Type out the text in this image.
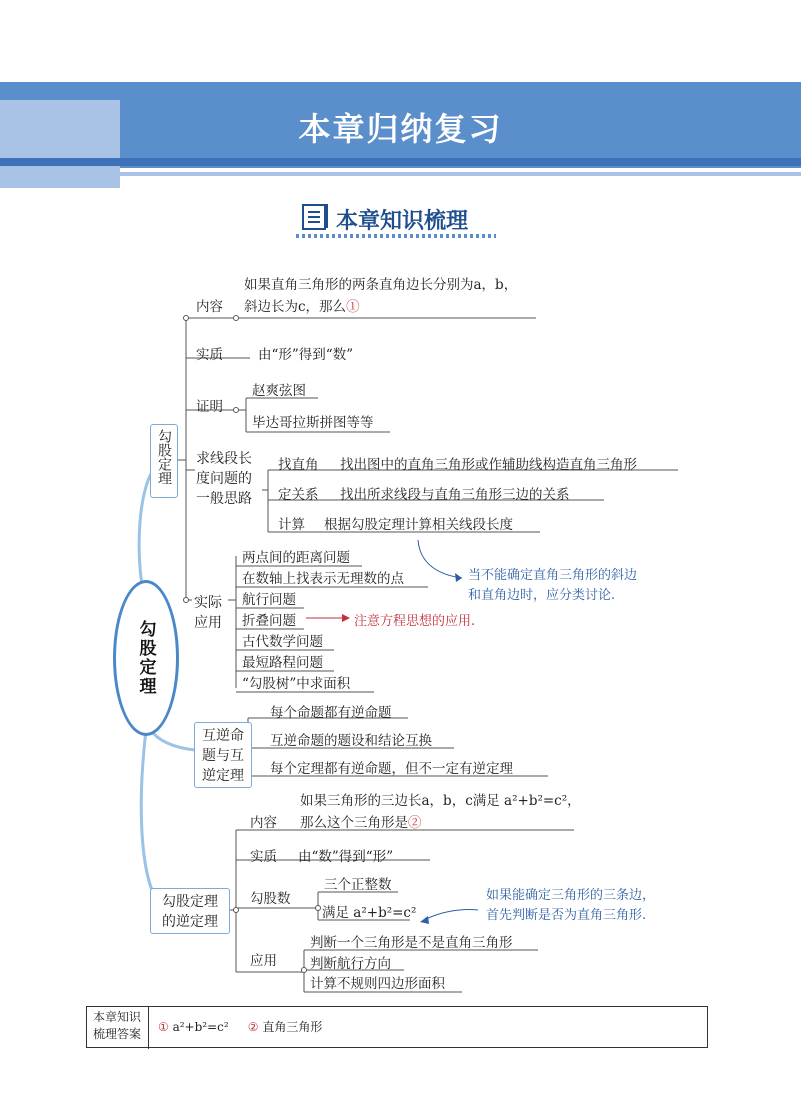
本章归纳复习
本章知识梳理
勾股定理
勾股定理
内容
如果直角三角形的两条直角边长分别为a，b，
斜边长为c，那么①
实质	由“形”得到“数”
证明
赵爽弦图
毕达哥拉斯拼图等等
求线段长
度问题的
一般思路
找直角 找出图中的直角三角形或作辅助线构造直角三角形
定关系 找出所求线段与直角三角形三边的关系
计算 根据勾股定理计算相关线段长度
实际
应用
两点间的距离问题
在数轴上找表示无理数的点
航行问题
折叠问题
古代数学问题
最短路程问题
“勾股树”中求面积
当不能确定直角三角形的斜边
和直角边时，应分类讨论.
注意方程思想的应用.
互逆命
题与互
逆定理
每个命题都有逆命题
互逆命题的题设和结论互换
每个定理都有逆命题，但不一定有逆定理
勾股定理
的逆定理
内容
如果三角形的三边长a，b，c满足 a²+b²=c²，
那么这个三角形是②
实质 由“数”得到“形”
勾股数
三个正整数
满足 a²+b²=c²
应用
判断一个三角形是不是直角三角形
判断航行方向
计算不规则四边形面积
如果能确定三角形的三条边，
首先判断是否为直角三角形.
本章知识
梳理答案	① a²+b²=c² ② 直角三角形
